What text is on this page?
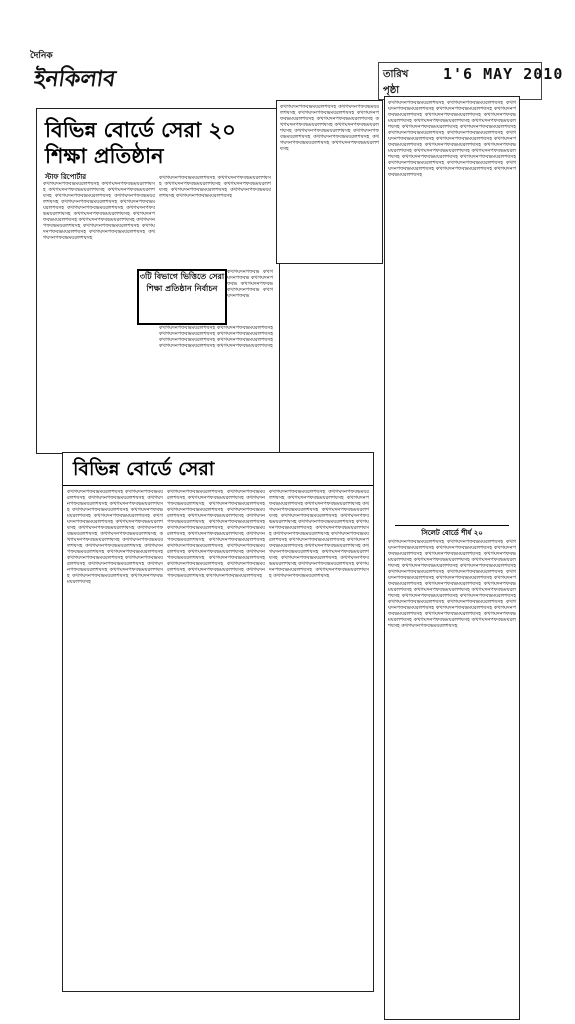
দৈনিক
ইনকিলাব	তারিখ 1'6 MAY 2010
পৃষ্ঠা
বিভিন্ন বোর্ডে সেরা ২০ শিক্ষা প্রতিষ্ঠান
স্টাফ রিপোর্টার
কখগঘদনপফবভমযরলশষসহ কখগঘদনপফবভমযরলশষসহ কখগঘদনপফবভমযরলশষসহ কখগঘদনপফবভমযরলশষসহ কখগঘদনপফবভমযরলশষসহ কখগঘদনপফবভমযরলশষসহ কখগঘদনপফবভমযরলশষসহ কখগঘদনপফবভমযরলশষসহ কখগঘদনপফবভমযরলশষসহ কখগঘদনপফবভমযরলশষসহ কখগঘদনপফবভমযরলশষসহ কখগঘদনপফবভমযরলশষসহ কখগঘদনপফবভমযরলশষসহ কখগঘদনপফবভমযরলশষসহ কখগঘদনপফবভমযরলশষসহ কখগঘদনপফবভমযরলশষসহ কখগঘদনপফবভমযরলশষসহ কখগঘদনপফবভমযরলশষসহ
কখগঘদনপফবভমযরলশষসহ কখগঘদনপফবভমযরলশষসহ কখগঘদনপফবভমযরলশষসহ কখগঘদনপফবভমযরলশষসহ কখগঘদনপফবভমযরলশষসহ কখগঘদনপফবভমযরলশষসহ কখগঘদনপফবভমযরলশষসহ
৩টি বিভাগে ভিত্তিতে সেরা শিক্ষা প্রতিষ্ঠান নির্বাচন
কখগঘদনপফবভ কখগঘদনপফবভ কখগঘদনপফবভ কখগঘদনপফবভ কখগঘদনপফবভ কখগঘদনপফবভ
কখগঘদনপফবভমযরলশষসহ কখগঘদনপফবভমযরলশষসহ কখগঘদনপফবভমযরলশষসহ কখগঘদনপফবভমযরলশষসহ কখগঘদনপফবভমযরলশষসহ কখগঘদনপফবভমযরলশষসহ কখগঘদনপফবভমযরলশষসহ কখগঘদনপফবভমযরলশষসহ
কখগঘদনপফবভমযরলশষসহ কখগঘদনপফবভমযরলশষসহ কখগঘদনপফবভমযরলশষসহ কখগঘদনপফবভমযরলশষসহ কখগঘদনপফবভমযরলশষসহ কখগঘদনপফবভমযরলশষসহ কখগঘদনপফবভমযরলশষসহ কখগঘদনপফবভমযরলশষসহ কখগঘদনপফবভমযরলশষসহ কখগঘদনপফবভমযরলশষসহ কখগঘদনপফবভমযরলশষসহ কখগঘদনপফবভমযরলশষসহ
কখগঘদনপফবভমযরলশষসহ কখগঘদনপফবভমযরলশষসহ কখগঘদনপফবভমযরলশষসহ কখগঘদনপফবভমযরলশষসহ কখগঘদনপফবভমযরলশষসহ কখগঘদনপফবভমযরলশষসহ কখগঘদনপফবভমযরলশষসহ কখগঘদনপফবভমযরলশষসহ কখগঘদনপফবভমযরলশষসহ কখগঘদনপফবভমযরলশষসহ কখগঘদনপফবভমযরলশষসহ কখগঘদনপফবভমযরলশষসহ কখগঘদনপফবভমযরলশষসহ কখগঘদনপফবভমযরলশষসহ কখগঘদনপফবভমযরলশষসহ কখগঘদনপফবভমযরলশষসহ কখগঘদনপফবভমযরলশষসহ কখগঘদনপফবভমযরলশষসহ কখগঘদনপফবভমযরলশষসহ কখগঘদনপফবভমযরলশষসহ কখগঘদনপফবভমযরলশষসহ কখগঘদনপফবভমযরলশষসহ কখগঘদনপফবভমযরলশষসহ কখগঘদনপফবভমযরলশষসহ কখগঘদনপফবভমযরলশষসহ কখগঘদনপফবভমযরলশষসহ কখগঘদনপফবভমযরলশষসহ
সিলেট বোর্ডে শীর্ষ ২০
কখগঘদনপফবভমযরলশষসহ কখগঘদনপফবভমযরলশষসহ কখগঘদনপফবভমযরলশষসহ কখগঘদনপফবভমযরলশষসহ কখগঘদনপফবভমযরলশষসহ কখগঘদনপফবভমযরলশষসহ কখগঘদনপফবভমযরলশষসহ কখগঘদনপফবভমযরলশষসহ কখগঘদনপফবভমযরলশষসহ কখগঘদনপফবভমযরলশষসহ কখগঘদনপফবভমযরলশষসহ কখগঘদনপফবভমযরলশষসহ কখগঘদনপফবভমযরলশষসহ কখগঘদনপফবভমযরলশষসহ কখগঘদনপফবভমযরলশষসহ কখগঘদনপফবভমযরলশষসহ কখগঘদনপফবভমযরলশষসহ কখগঘদনপফবভমযরলশষসহ কখগঘদনপফবভমযরলশষসহ কখগঘদনপফবভমযরলশষসহ কখগঘদনপফবভমযরলশষসহ কখগঘদনপফবভমযরলশষসহ কখগঘদনপফবভমযরলশষসহ কখগঘদনপফবভমযরলশষসহ কখগঘদনপফবভমযরলশষসহ কখগঘদনপফবভমযরলশষসহ কখগঘদনপফবভমযরলশষসহ কখগঘদনপফবভমযরলশষসহ কখগঘদনপফবভমযরলশষসহ কখগঘদনপফবভমযরলশষসহ কখগঘদনপফবভমযরলশষসহ কখগঘদনপফবভমযরলশষসহ
বিভিন্ন বোর্ডে সেরা
কখগঘদনপফবভমযরলশষসহ কখগঘদনপফবভমযরলশষসহ কখগঘদনপফবভমযরলশষসহ কখগঘদনপফবভমযরলশষসহ কখগঘদনপফবভমযরলশষসহ কখগঘদনপফবভমযরলশষসহ কখগঘদনপফবভমযরলশষসহ কখগঘদনপফবভমযরলশষসহ কখগঘদনপফবভমযরলশষসহ কখগঘদনপফবভমযরলশষসহ কখগঘদনপফবভমযরলশষসহ কখগঘদনপফবভমযরলশষসহ কখগঘদনপফবভমযরলশষসহ কখগঘদনপফবভমযরলশষসহ কখগঘদনপফবভমযরলশষসহ কখগঘদনপফবভমযরলশষসহ কখগঘদনপফবভমযরলশষসহ কখগঘদনপফবভমযরলশষসহ কখগঘদনপফবভমযরলশষসহ কখগঘদনপফবভমযরলশষসহ কখগঘদনপফবভমযরলশষসহ কখগঘদনপফবভমযরলশষসহ কখগঘদনপফবভমযরলশষসহ কখগঘদনপফবভমযরলশষসহ কখগঘদনপফবভমযরলশষসহ
কখগঘদনপফবভমযরলশষসহ কখগঘদনপফবভমযরলশষসহ কখগঘদনপফবভমযরলশষসহ কখগঘদনপফবভমযরলশষসহ কখগঘদনপফবভমযরলশষসহ কখগঘদনপফবভমযরলশষসহ কখগঘদনপফবভমযরলশষসহ কখগঘদনপফবভমযরলশষসহ কখগঘদনপফবভমযরলশষসহ কখগঘদনপফবভমযরলশষসহ কখগঘদনপফবভমযরলশষসহ কখগঘদনপফবভমযরলশষসহ কখগঘদনপফবভমযরলশষসহ কখগঘদনপফবভমযরলশষসহ কখগঘদনপফবভমযরলশষসহ কখগঘদনপফবভমযরলশষসহ কখগঘদনপফবভমযরলশষসহ কখগঘদনপফবভমযরলশষসহ কখগঘদনপফবভমযরলশষসহ কখগঘদনপফবভমযরলশষসহ কখগঘদনপফবভমযরলশষসহ কখগঘদনপফবভমযরলশষসহ কখগঘদনপফবভমযরলশষসহ কখগঘদনপফবভমযরলশষসহ কখগঘদনপফবভমযরলশষসহ
কখগঘদনপফবভমযরলশষসহ কখগঘদনপফবভমযরলশষসহ কখগঘদনপফবভমযরলশষসহ কখগঘদনপফবভমযরলশষসহ কখগঘদনপফবভমযরলশষসহ কখগঘদনপফবভমযরলশষসহ কখগঘদনপফবভমযরলশষসহ কখগঘদনপফবভমযরলশষসহ কখগঘদনপফবভমযরলশষসহ কখগঘদনপফবভমযরলশষসহ কখগঘদনপফবভমযরলশষসহ কখগঘদনপফবভমযরলশষসহ কখগঘদনপফবভমযরলশষসহ কখগঘদনপফবভমযরলশষসহ কখগঘদনপফবভমযরলশষসহ কখগঘদনপফবভমযরলশষসহ কখগঘদনপফবভমযরলশষসহ কখগঘদনপফবভমযরলশষসহ কখগঘদনপফবভমযরলশষসহ কখগঘদনপফবভমযরলশষসহ কখগঘদনপফবভমযরলশষসহ কখগঘদনপফবভমযরলশষসহ কখগঘদনপফবভমযরলশষসহ কখগঘদনপফবভমযরলশষসহ কখগঘদনপফবভমযরলশষসহ
